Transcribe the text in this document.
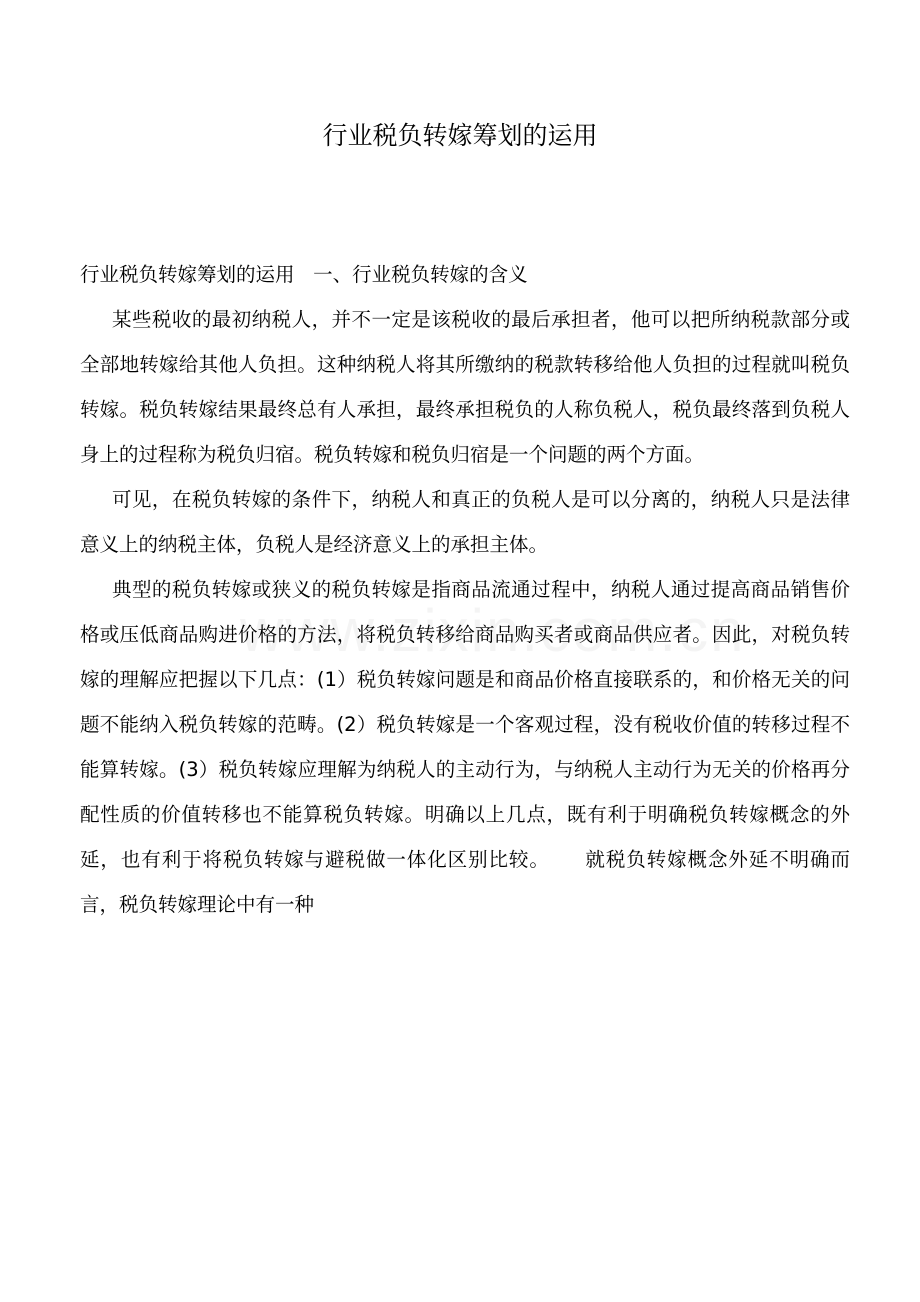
行业税负转嫁筹划的运用

行业税负转嫁筹划的运用   一、行业税负转嫁的含义

某些税收的最初纳税人，并不一定是该税收的最后承担者，他可以把所纳税款部分或全部地转嫁给其他人负担。这种纳税人将其所缴纳的税款转移给他人负担的过程就叫税负转嫁。税负转嫁结果最终总有人承担，最终承担税负的人称负税人，税负最终落到负税人身上的过程称为税负归宿。税负转嫁和税负归宿是一个问题的两个方面。

可见，在税负转嫁的条件下，纳税人和真正的负税人是可以分离的，纳税人只是法律意义上的纳税主体，负税人是经济意义上的承担主体。

典型的税负转嫁或狭义的税负转嫁是指商品流通过程中，纳税人通过提高商品销售价格或压低商品购进价格的方法，将税负转移给商品购买者或商品供应者。因此，对税负转嫁的理解应把握以下几点：(1）税负转嫁问题是和商品价格直接联系的，和价格无关的问题不能纳入税负转嫁的范畴。(2）税负转嫁是一个客观过程，没有税收价值的转移过程不能算转嫁。(3）税负转嫁应理解为纳税人的主动行为，与纳税人主动行为无关的价格再分配性质的价值转移也不能算税负转嫁。明确以上几点，既有利于明确税负转嫁概念的外延，也有利于将税负转嫁与避税做一体化区别比较。     就税负转嫁概念外延不明确而言，税负转嫁理论中有一种
